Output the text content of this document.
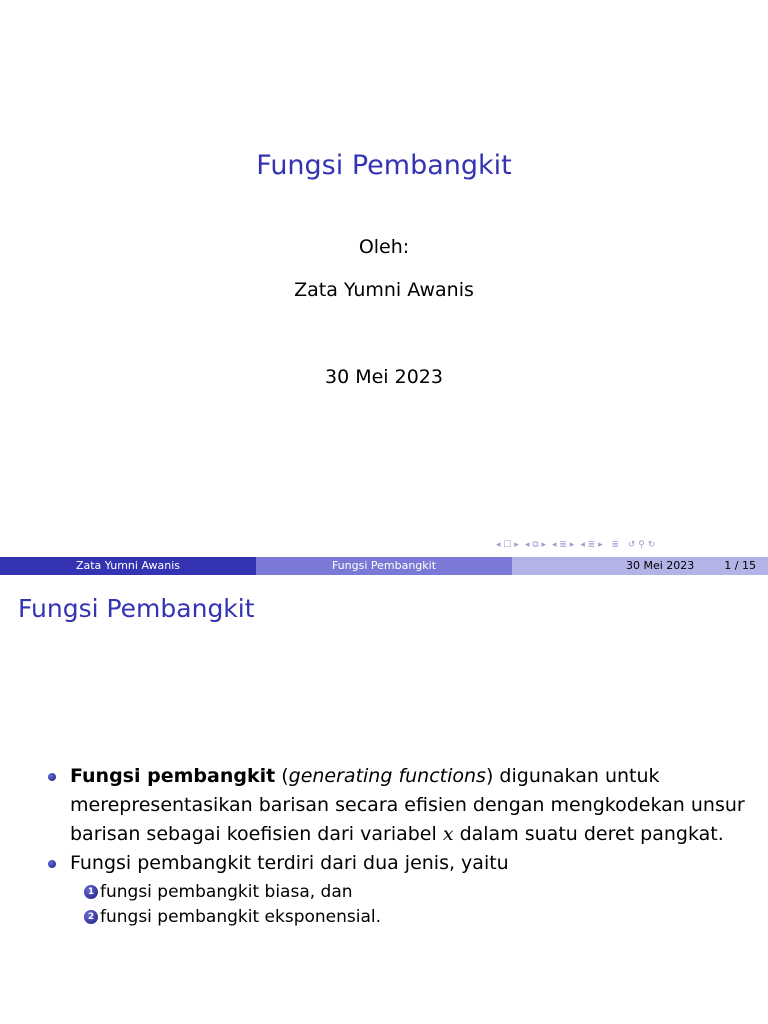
Fungsi Pembangkit
Oleh:
Zata Yumni Awanis
30 Mei 2023
◂ ☐ ▸ ◂ ⧉ ▸ ◂ ≣ ▸ ◂ ≣ ▸ ≣ ↺ ⚲ ↻
Zata Yumni Awanis	Fungsi Pembangkit	30 Mei 2023	1 / 15
Fungsi Pembangkit
Fungsi pembangkit (generating functions) digunakan untuk merepresentasikan barisan secara efisien dengan mengkodekan unsur barisan sebagai koefisien dari variabel x dalam suatu deret pangkat.
Fungsi pembangkit terdiri dari dua jenis, yaitu
1 fungsi pembangkit biasa, dan
2 fungsi pembangkit eksponensial.
